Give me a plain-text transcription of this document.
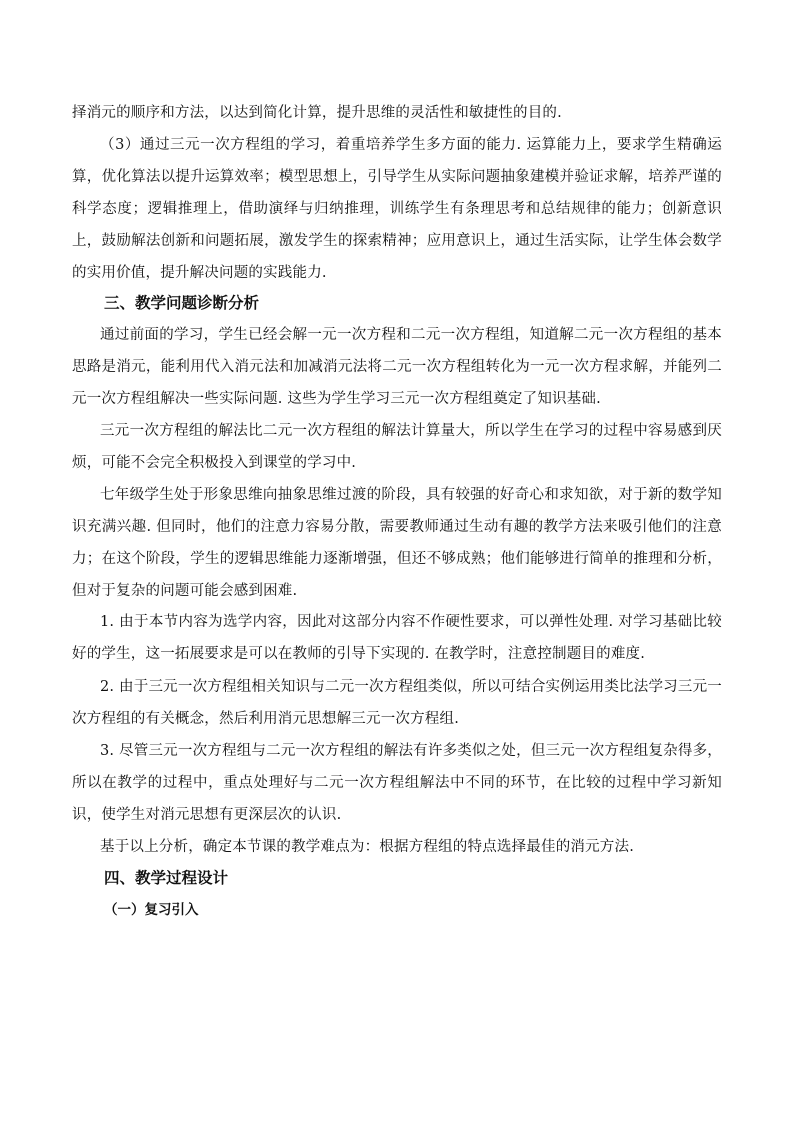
择消元的顺序和方法，以达到简化计算，提升思维的灵活性和敏捷性的目的.

（3）通过三元一次方程组的学习，着重培养学生多方面的能力. 运算能力上，要求学生精确运算，优化算法以提升运算效率；模型思想上，引导学生从实际问题抽象建模并验证求解，培养严谨的科学态度；逻辑推理上，借助演绎与归纳推理，训练学生有条理思考和总结规律的能力；创新意识上，鼓励解法创新和问题拓展，激发学生的探索精神；应用意识上，通过生活实际，让学生体会数学的实用价值，提升解决问题的实践能力.

三、教学问题诊断分析

通过前面的学习，学生已经会解一元一次方程和二元一次方程组，知道解二元一次方程组的基本思路是消元，能利用代入消元法和加减消元法将二元一次方程组转化为一元一次方程求解，并能列二元一次方程组解决一些实际问题. 这些为学生学习三元一次方程组奠定了知识基础.

三元一次方程组的解法比二元一次方程组的解法计算量大，所以学生在学习的过程中容易感到厌烦，可能不会完全积极投入到课堂的学习中.

七年级学生处于形象思维向抽象思维过渡的阶段，具有较强的好奇心和求知欲，对于新的数学知识充满兴趣. 但同时，他们的注意力容易分散，需要教师通过生动有趣的教学方法来吸引他们的注意力；在这个阶段，学生的逻辑思维能力逐渐增强，但还不够成熟；他们能够进行简单的推理和分析，但对于复杂的问题可能会感到困难.

1. 由于本节内容为选学内容，因此对这部分内容不作硬性要求，可以弹性处理. 对学习基础比较好的学生，这一拓展要求是可以在教师的引导下实现的. 在教学时，注意控制题目的难度.

2. 由于三元一次方程组相关知识与二元一次方程组类似，所以可结合实例运用类比法学习三元一次方程组的有关概念，然后利用消元思想解三元一次方程组.

3. 尽管三元一次方程组与二元一次方程组的解法有许多类似之处，但三元一次方程组复杂得多，所以在教学的过程中，重点处理好与二元一次方程组解法中不同的环节，在比较的过程中学习新知识，使学生对消元思想有更深层次的认识.

基于以上分析，确定本节课的教学难点为：根据方程组的特点选择最佳的消元方法.

四、教学过程设计

（一）复习引入
